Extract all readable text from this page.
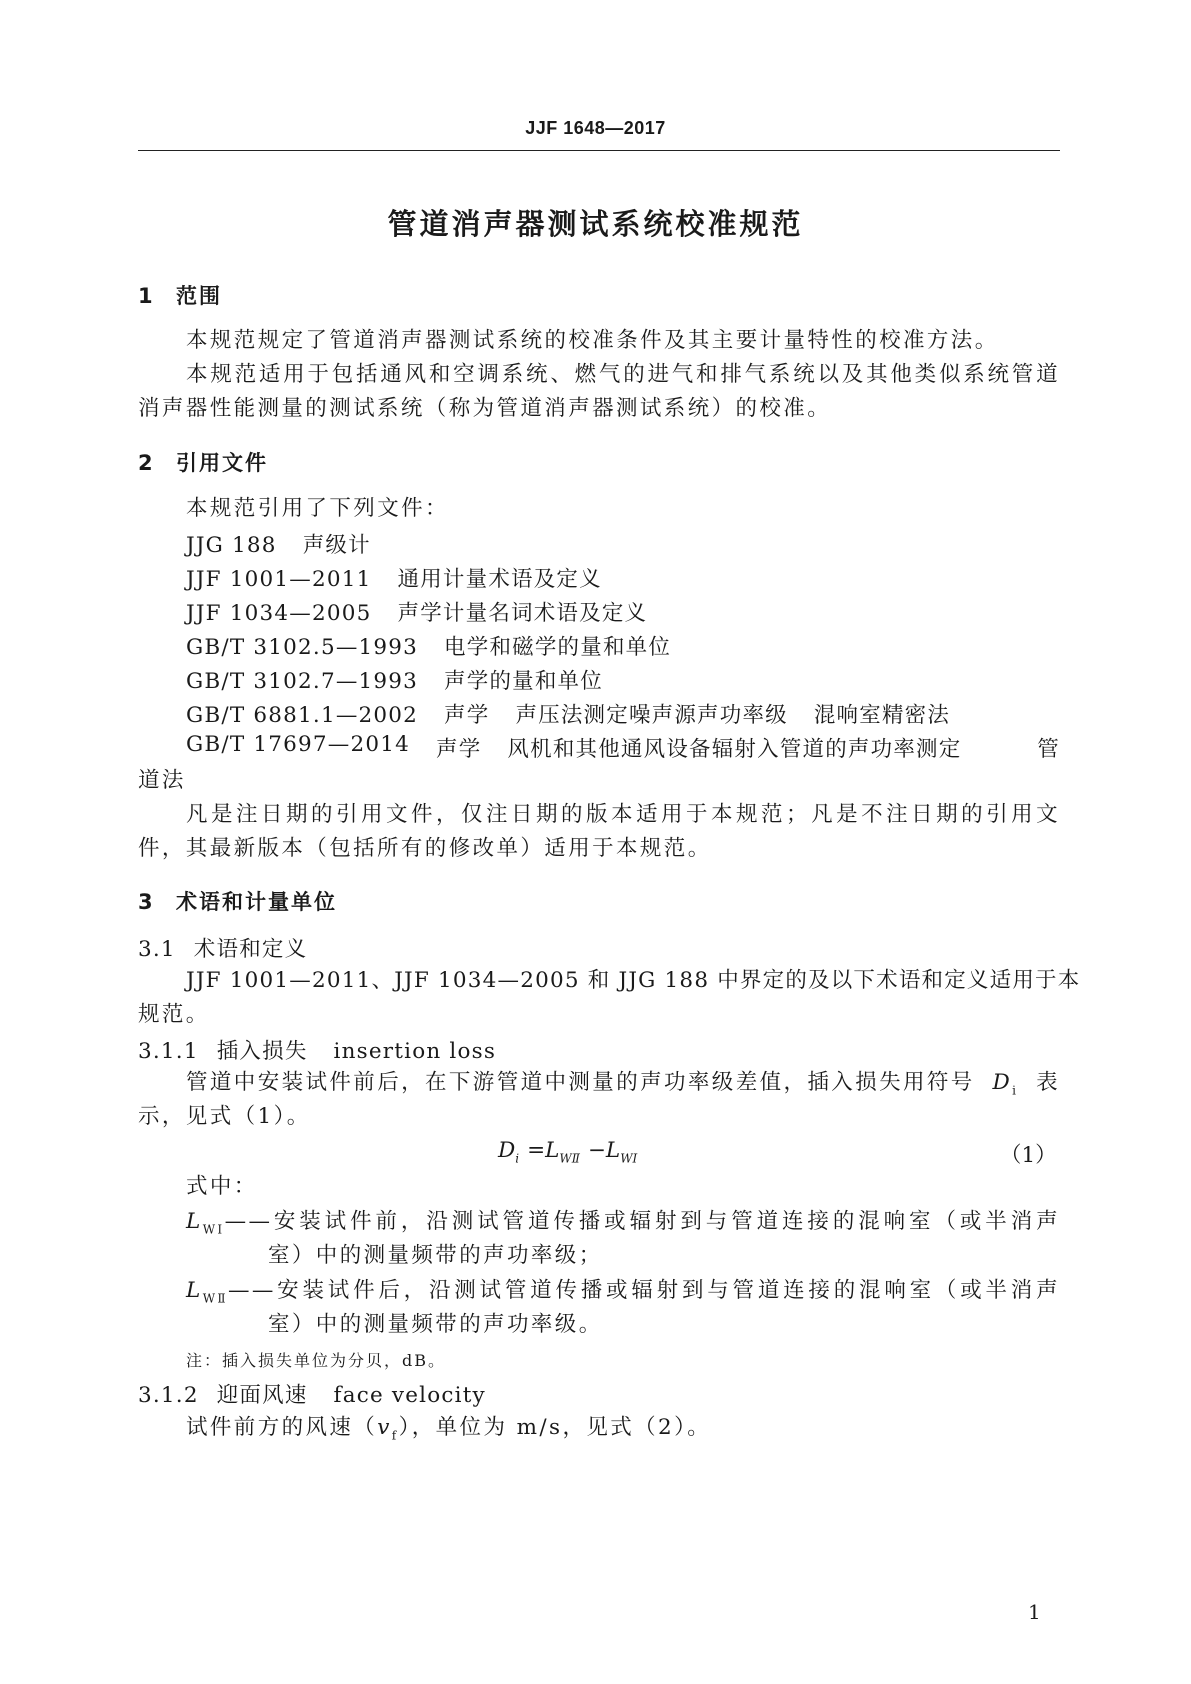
JJF 1648—2017
管道消声器测试系统校准规范
1 范围
本规范规定了管道消声器测试系统的校准条件及其主要计量特性的校准方法。
本规范适用于包括通风和空调系统、燃气的进气和排气系统以及其他类似系统管道
消声器性能测量的测试系统（称为管道消声器测试系统）的校准。
2 引用文件
本规范引用了下列文件：
JJG 188 声级计
JJF 1001—2011 通用计量术语及定义
JJF 1034—2005 声学计量名词术语及定义
GB/T 3102.5—1993 电学和磁学的量和单位
GB/T 3102.7—1993 声学的量和单位
GB/T 6881.1—2002 声学 声压法测定噪声源声功率级 混响室精密法
GB/T 17697—2014 声学 风机和其他通风设备辐射入管道的声功率测定	管
道法
凡是注日期的引用文件，仅注日期的版本适用于本规范；凡是不注日期的引用文
件，其最新版本（包括所有的修改单）适用于本规范。
3 术语和计量单位
3.1 术语和定义
JJF 1001—2011、JJF 1034—2005 和 JJG 188 中界定的及以下术语和定义适用于本
规范。
3.1.1 插入损失 insertion loss
管道中安装试件前后，在下游管道中测量的声功率级差值，插入损失用符号 $D_i$ 表
示，见式（1）。
$D_i =L_{WⅡ} -L_{WⅠ}$	（1）
式中：
$L_{WⅠ}$ ——安装试件前，沿测试管道传播或辐射到与管道连接的混响室（或半消声
室）中的测量频带的声功率级；
$L_{WⅡ}$ ——安装试件后，沿测试管道传播或辐射到与管道连接的混响室（或半消声
室）中的测量频带的声功率级。
注：插入损失单位为分贝，dB。
3.1.2 迎面风速 face velocity
试件前方的风速$(v_f)$，单位为 m/s，见式（2）。
1
